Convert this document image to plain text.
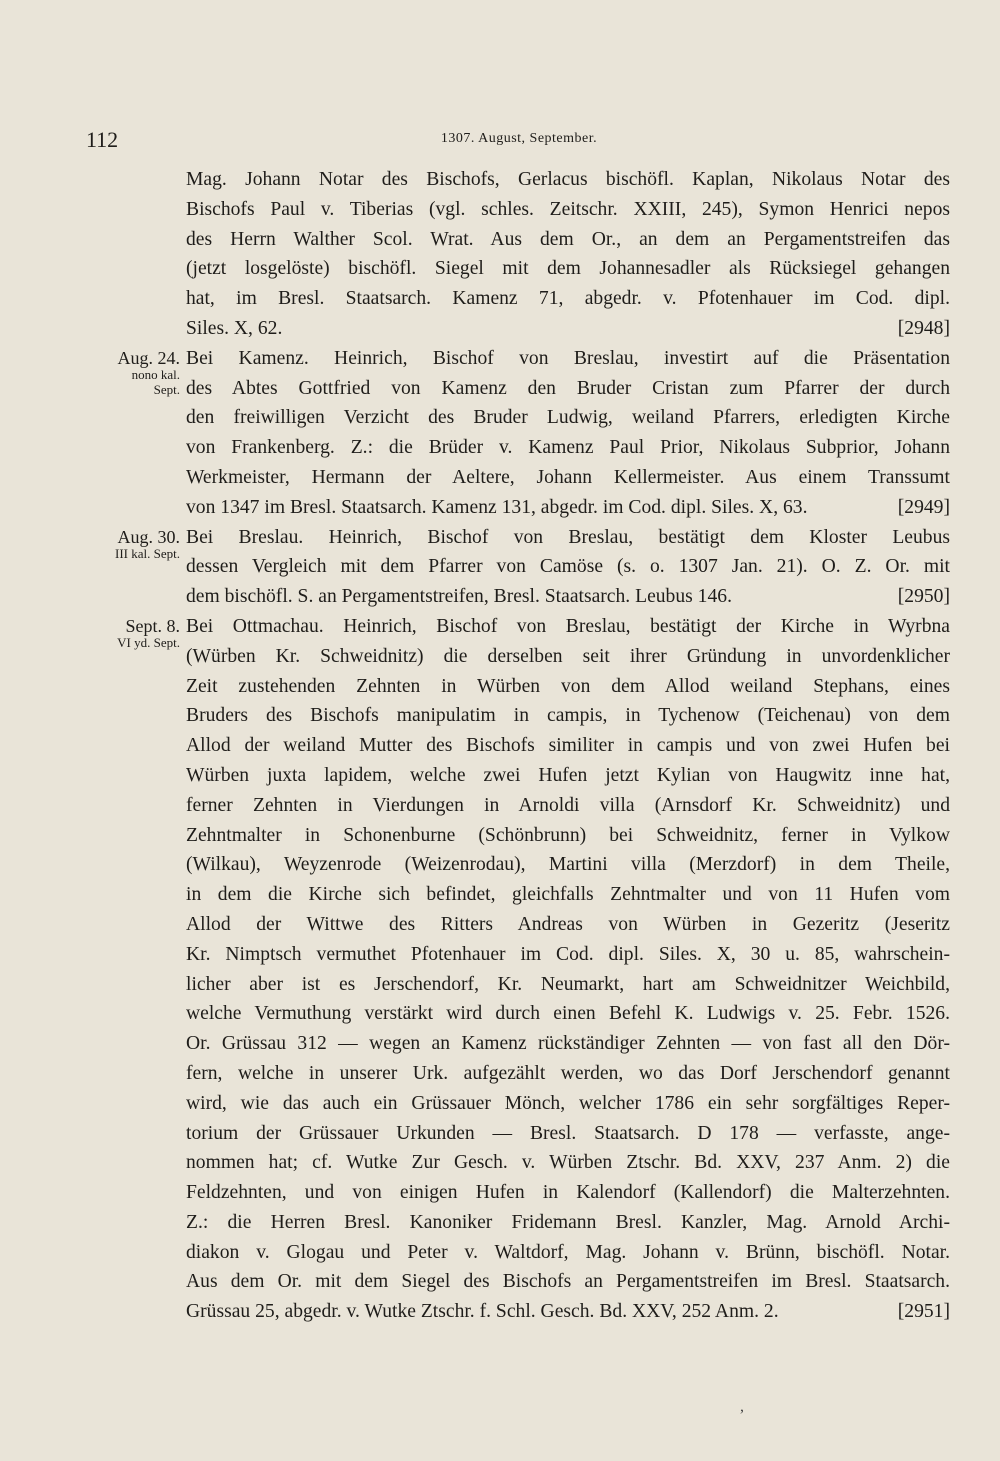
112	1307. August, September.
Mag. Johann Notar des Bischofs, Gerlacus bischöfl. Kaplan, Nikolaus Notar des
Bischofs Paul v. Tiberias (vgl. schles. Zeitschr. XXIII, 245), Symon Henrici nepos
des Herrn Walther Scol. Wrat. Aus dem Or., an dem an Pergamentstreifen das
(jetzt losgelöste) bischöfl. Siegel mit dem Johannesadler als Rücksiegel gehangen
hat, im Bresl. Staatsarch. Kamenz 71, abgedr. v. Pfotenhauer im Cod. dipl.
Siles. X, 62.	[2948]
Aug. 24.
nono kal.
Sept.
Bei Kamenz. Heinrich, Bischof von Breslau, investirt auf die Präsentation
des Abtes Gottfried von Kamenz den Bruder Cristan zum Pfarrer der durch
den freiwilligen Verzicht des Bruder Ludwig, weiland Pfarrers, erledigten Kirche
von Frankenberg. Z.: die Brüder v. Kamenz Paul Prior, Nikolaus Subprior, Johann
Werkmeister, Hermann der Aeltere, Johann Kellermeister. Aus einem Transsumt
von 1347 im Bresl. Staatsarch. Kamenz 131, abgedr. im Cod. dipl. Siles. X, 63.	[2949]
Aug. 30.
III kal. Sept.
Bei Breslau. Heinrich, Bischof von Breslau, bestätigt dem Kloster Leubus
dessen Vergleich mit dem Pfarrer von Camöse (s. o. 1307 Jan. 21). O. Z. Or. mit
dem bischöfl. S. an Pergamentstreifen, Bresl. Staatsarch. Leubus 146.	[2950]
Sept. 8.
VI yd. Sept.
Bei Ottmachau. Heinrich, Bischof von Breslau, bestätigt der Kirche in Wyrbna
(Würben Kr. Schweidnitz) die derselben seit ihrer Gründung in unvordenklicher
Zeit zustehenden Zehnten in Würben von dem Allod weiland Stephans, eines
Bruders des Bischofs manipulatim in campis, in Tychenow (Teichenau) von dem
Allod der weiland Mutter des Bischofs similiter in campis und von zwei Hufen bei
Würben juxta lapidem, welche zwei Hufen jetzt Kylian von Haugwitz inne hat,
ferner Zehnten in Vierdungen in Arnoldi villa (Arnsdorf Kr. Schweidnitz) und
Zehntmalter in Schonenburne (Schönbrunn) bei Schweidnitz, ferner in Vylkow
(Wilkau), Weyzenrode (Weizenrodau), Martini villa (Merzdorf) in dem Theile,
in dem die Kirche sich befindet, gleichfalls Zehntmalter und von 11 Hufen vom
Allod der Wittwe des Ritters Andreas von Würben in Gezeritz (Jeseritz
Kr. Nimptsch vermuthet Pfotenhauer im Cod. dipl. Siles. X, 30 u. 85, wahrschein-
licher aber ist es Jerschendorf, Kr. Neumarkt, hart am Schweidnitzer Weichbild,
welche Vermuthung verstärkt wird durch einen Befehl K. Ludwigs v. 25. Febr. 1526.
Or. Grüssau 312 — wegen an Kamenz rückständiger Zehnten — von fast all den Dör-
fern, welche in unserer Urk. aufgezählt werden, wo das Dorf Jerschendorf genannt
wird, wie das auch ein Grüssauer Mönch, welcher 1786 ein sehr sorgfältiges Reper-
torium der Grüssauer Urkunden — Bresl. Staatsarch. D 178 — verfasste, ange-
nommen hat; cf. Wutke Zur Gesch. v. Würben Ztschr. Bd. XXV, 237 Anm. 2) die
Feldzehnten, und von einigen Hufen in Kalendorf (Kallendorf) die Malterzehnten.
Z.: die Herren Bresl. Kanoniker Fridemann Bresl. Kanzler, Mag. Arnold Archi-
diakon v. Glogau und Peter v. Waltdorf, Mag. Johann v. Brünn, bischöfl. Notar.
Aus dem Or. mit dem Siegel des Bischofs an Pergamentstreifen im Bresl. Staatsarch.
Grüssau 25, abgedr. v. Wutke Ztschr. f. Schl. Gesch. Bd. XXV, 252 Anm. 2.	[2951]
,
